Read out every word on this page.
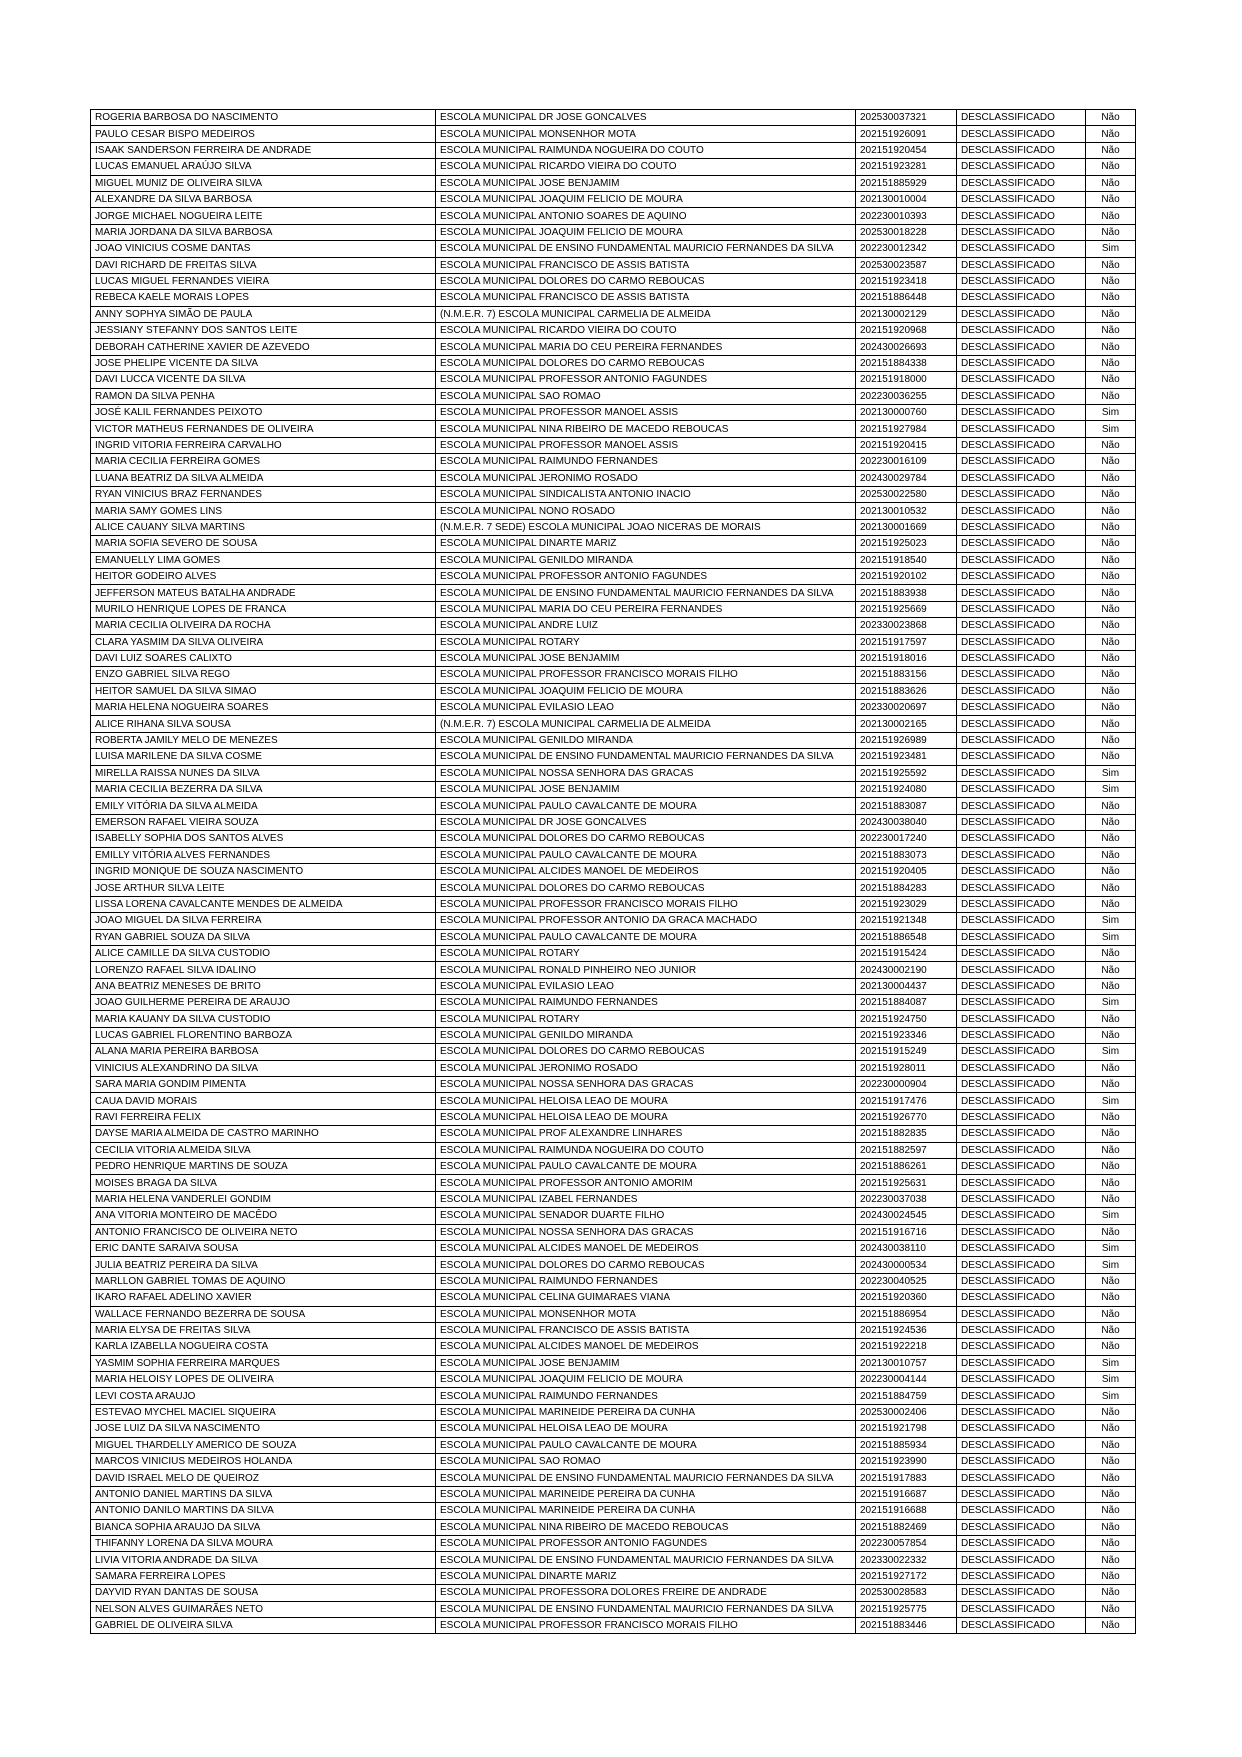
ROGERIA BARBOSA DO NASCIMENTO	ESCOLA MUNICIPAL DR JOSE GONCALVES	202530037321	DESCLASSIFICADO	Não
PAULO CESAR BISPO MEDEIROS	ESCOLA MUNICIPAL MONSENHOR MOTA	202151926091	DESCLASSIFICADO	Não
ISAAK SANDERSON FERREIRA DE ANDRADE	ESCOLA MUNICIPAL RAIMUNDA NOGUEIRA DO COUTO	202151920454	DESCLASSIFICADO	Não
LUCAS EMANUEL ARAÚJO SILVA	ESCOLA MUNICIPAL RICARDO VIEIRA DO COUTO	202151923281	DESCLASSIFICADO	Não
MIGUEL MUNIZ DE OLIVEIRA SILVA	ESCOLA MUNICIPAL JOSE BENJAMIM	202151885929	DESCLASSIFICADO	Não
ALEXANDRE DA SILVA BARBOSA	ESCOLA MUNICIPAL JOAQUIM FELICIO DE MOURA	202130010004	DESCLASSIFICADO	Não
JORGE MICHAEL NOGUEIRA LEITE	ESCOLA MUNICIPAL ANTONIO SOARES DE AQUINO	202230010393	DESCLASSIFICADO	Não
MARIA JORDANA DA SILVA BARBOSA	ESCOLA MUNICIPAL JOAQUIM FELICIO DE MOURA	202530018228	DESCLASSIFICADO	Não
JOAO VINICIUS COSME DANTAS	ESCOLA MUNICIPAL DE ENSINO FUNDAMENTAL MAURICIO FERNANDES DA SILVA	202230012342	DESCLASSIFICADO	Sim
DAVI RICHARD DE FREITAS SILVA	ESCOLA MUNICIPAL FRANCISCO DE ASSIS BATISTA	202530023587	DESCLASSIFICADO	Não
LUCAS MIGUEL FERNANDES VIEIRA	ESCOLA MUNICIPAL DOLORES DO CARMO REBOUCAS	202151923418	DESCLASSIFICADO	Não
REBECA KAELE MORAIS LOPES	ESCOLA MUNICIPAL FRANCISCO DE ASSIS BATISTA	202151886448	DESCLASSIFICADO	Não
ANNY SOPHYA SIMÃO DE PAULA	(N.M.E.R. 7) ESCOLA MUNICIPAL CARMELIA DE ALMEIDA	202130002129	DESCLASSIFICADO	Não
JESSIANY STEFANNY DOS SANTOS LEITE	ESCOLA MUNICIPAL RICARDO VIEIRA DO COUTO	202151920968	DESCLASSIFICADO	Não
DEBORAH CATHERINE XAVIER DE AZEVEDO	ESCOLA MUNICIPAL MARIA DO CEU PEREIRA FERNANDES	202430026693	DESCLASSIFICADO	Não
JOSE PHELIPE VICENTE DA SILVA	ESCOLA MUNICIPAL DOLORES DO CARMO REBOUCAS	202151884338	DESCLASSIFICADO	Não
DAVI LUCCA VICENTE DA SILVA	ESCOLA MUNICIPAL PROFESSOR ANTONIO FAGUNDES	202151918000	DESCLASSIFICADO	Não
RAMON DA SILVA PENHA	ESCOLA MUNICIPAL SAO ROMAO	202230036255	DESCLASSIFICADO	Não
JOSÉ KALIL FERNANDES PEIXOTO	ESCOLA MUNICIPAL PROFESSOR MANOEL ASSIS	202130000760	DESCLASSIFICADO	Sim
VICTOR MATHEUS FERNANDES DE OLIVEIRA	ESCOLA MUNICIPAL NINA RIBEIRO DE MACEDO REBOUCAS	202151927984	DESCLASSIFICADO	Sim
INGRID VITORIA FERREIRA CARVALHO	ESCOLA MUNICIPAL PROFESSOR MANOEL ASSIS	202151920415	DESCLASSIFICADO	Não
MARIA CECILIA FERREIRA GOMES	ESCOLA MUNICIPAL RAIMUNDO FERNANDES	202230016109	DESCLASSIFICADO	Não
LUANA BEATRIZ DA SILVA ALMEIDA	ESCOLA MUNICIPAL JERONIMO ROSADO	202430029784	DESCLASSIFICADO	Não
RYAN VINICIUS BRAZ FERNANDES	ESCOLA MUNICIPAL SINDICALISTA ANTONIO INACIO	202530022580	DESCLASSIFICADO	Não
MARIA SAMY GOMES LINS	ESCOLA MUNICIPAL NONO ROSADO	202130010532	DESCLASSIFICADO	Não
ALICE CAUANY SILVA MARTINS	(N.M.E.R. 7 SEDE) ESCOLA MUNICIPAL JOAO NICERAS DE MORAIS	202130001669	DESCLASSIFICADO	Não
MARIA SOFIA SEVERO DE SOUSA	ESCOLA MUNICIPAL DINARTE MARIZ	202151925023	DESCLASSIFICADO	Não
EMANUELLY LIMA GOMES	ESCOLA MUNICIPAL GENILDO MIRANDA	202151918540	DESCLASSIFICADO	Não
HEITOR GODEIRO ALVES	ESCOLA MUNICIPAL PROFESSOR ANTONIO FAGUNDES	202151920102	DESCLASSIFICADO	Não
JEFFERSON MATEUS BATALHA ANDRADE	ESCOLA MUNICIPAL DE ENSINO FUNDAMENTAL MAURICIO FERNANDES DA SILVA	202151883938	DESCLASSIFICADO	Não
MURILO HENRIQUE LOPES DE FRANCA	ESCOLA MUNICIPAL MARIA DO CEU PEREIRA FERNANDES	202151925669	DESCLASSIFICADO	Não
MARIA CECILIA OLIVEIRA DA ROCHA	ESCOLA MUNICIPAL ANDRE LUIZ	202330023868	DESCLASSIFICADO	Não
CLARA YASMIM DA SILVA OLIVEIRA	ESCOLA MUNICIPAL ROTARY	202151917597	DESCLASSIFICADO	Não
DAVI LUIZ SOARES CALIXTO	ESCOLA MUNICIPAL JOSE BENJAMIM	202151918016	DESCLASSIFICADO	Não
ENZO GABRIEL SILVA REGO	ESCOLA MUNICIPAL PROFESSOR FRANCISCO MORAIS FILHO	202151883156	DESCLASSIFICADO	Não
HEITOR SAMUEL DA SILVA SIMAO	ESCOLA MUNICIPAL JOAQUIM FELICIO DE MOURA	202151883626	DESCLASSIFICADO	Não
MARIA HELENA NOGUEIRA SOARES	ESCOLA MUNICIPAL EVILASIO LEAO	202330020697	DESCLASSIFICADO	Não
ALICE RIHANA SILVA SOUSA	(N.M.E.R. 7) ESCOLA MUNICIPAL CARMELIA DE ALMEIDA	202130002165	DESCLASSIFICADO	Não
ROBERTA JAMILY MELO DE MENEZES	ESCOLA MUNICIPAL GENILDO MIRANDA	202151926989	DESCLASSIFICADO	Não
LUISA MARILENE DA SILVA COSME	ESCOLA MUNICIPAL DE ENSINO FUNDAMENTAL MAURICIO FERNANDES DA SILVA	202151923481	DESCLASSIFICADO	Não
MIRELLA RAISSA NUNES DA SILVA	ESCOLA MUNICIPAL NOSSA SENHORA DAS GRACAS	202151925592	DESCLASSIFICADO	Sim
MARIA CECILIA BEZERRA DA SILVA	ESCOLA MUNICIPAL JOSE BENJAMIM	202151924080	DESCLASSIFICADO	Sim
EMILY VITÓRIA DA SILVA ALMEIDA	ESCOLA MUNICIPAL PAULO CAVALCANTE DE MOURA	202151883087	DESCLASSIFICADO	Não
EMERSON RAFAEL VIEIRA SOUZA	ESCOLA MUNICIPAL DR JOSE GONCALVES	202430038040	DESCLASSIFICADO	Não
ISABELLY SOPHIA DOS SANTOS ALVES	ESCOLA MUNICIPAL DOLORES DO CARMO REBOUCAS	202230017240	DESCLASSIFICADO	Não
EMILLY VITÓRIA ALVES FERNANDES	ESCOLA MUNICIPAL PAULO CAVALCANTE DE MOURA	202151883073	DESCLASSIFICADO	Não
INGRID MONIQUE DE SOUZA NASCIMENTO	ESCOLA MUNICIPAL ALCIDES MANOEL DE MEDEIROS	202151920405	DESCLASSIFICADO	Não
JOSE ARTHUR SILVA LEITE	ESCOLA MUNICIPAL DOLORES DO CARMO REBOUCAS	202151884283	DESCLASSIFICADO	Não
LISSA LORENA CAVALCANTE MENDES DE ALMEIDA	ESCOLA MUNICIPAL PROFESSOR FRANCISCO MORAIS FILHO	202151923029	DESCLASSIFICADO	Não
JOAO MIGUEL DA SILVA FERREIRA	ESCOLA MUNICIPAL PROFESSOR ANTONIO DA GRACA MACHADO	202151921348	DESCLASSIFICADO	Sim
RYAN GABRIEL SOUZA DA SILVA	ESCOLA MUNICIPAL PAULO CAVALCANTE DE MOURA	202151886548	DESCLASSIFICADO	Sim
ALICE CAMILLE DA SILVA CUSTODIO	ESCOLA MUNICIPAL ROTARY	202151915424	DESCLASSIFICADO	Não
LORENZO RAFAEL SILVA IDALINO	ESCOLA MUNICIPAL RONALD PINHEIRO NEO JUNIOR	202430002190	DESCLASSIFICADO	Não
ANA BEATRIZ MENESES DE BRITO	ESCOLA MUNICIPAL EVILASIO LEAO	202130004437	DESCLASSIFICADO	Não
JOAO GUILHERME PEREIRA DE ARAUJO	ESCOLA MUNICIPAL RAIMUNDO FERNANDES	202151884087	DESCLASSIFICADO	Sim
MARIA KAUANY DA SILVA CUSTODIO	ESCOLA MUNICIPAL ROTARY	202151924750	DESCLASSIFICADO	Não
LUCAS GABRIEL FLORENTINO BARBOZA	ESCOLA MUNICIPAL GENILDO MIRANDA	202151923346	DESCLASSIFICADO	Não
ALANA MARIA PEREIRA BARBOSA	ESCOLA MUNICIPAL DOLORES DO CARMO REBOUCAS	202151915249	DESCLASSIFICADO	Sim
VINICIUS ALEXANDRINO DA SILVA	ESCOLA MUNICIPAL JERONIMO ROSADO	202151928011	DESCLASSIFICADO	Não
SARA MARIA GONDIM PIMENTA	ESCOLA MUNICIPAL NOSSA SENHORA DAS GRACAS	202230000904	DESCLASSIFICADO	Não
CAUA DAVID MORAIS	ESCOLA MUNICIPAL HELOISA LEAO DE MOURA	202151917476	DESCLASSIFICADO	Sim
RAVI FERREIRA FELIX	ESCOLA MUNICIPAL HELOISA LEAO DE MOURA	202151926770	DESCLASSIFICADO	Não
DAYSE MARIA ALMEIDA DE CASTRO MARINHO	ESCOLA MUNICIPAL PROF ALEXANDRE LINHARES	202151882835	DESCLASSIFICADO	Não
CECILIA VITORIA ALMEIDA SILVA	ESCOLA MUNICIPAL RAIMUNDA NOGUEIRA DO COUTO	202151882597	DESCLASSIFICADO	Não
PEDRO HENRIQUE MARTINS DE SOUZA	ESCOLA MUNICIPAL PAULO CAVALCANTE DE MOURA	202151886261	DESCLASSIFICADO	Não
MOISES BRAGA DA SILVA	ESCOLA MUNICIPAL PROFESSOR ANTONIO AMORIM	202151925631	DESCLASSIFICADO	Não
MARIA HELENA VANDERLEI GONDIM	ESCOLA MUNICIPAL IZABEL FERNANDES	202230037038	DESCLASSIFICADO	Não
ANA VITORIA MONTEIRO DE MACÊDO	ESCOLA MUNICIPAL SENADOR DUARTE FILHO	202430024545	DESCLASSIFICADO	Sim
ANTONIO FRANCISCO DE OLIVEIRA NETO	ESCOLA MUNICIPAL NOSSA SENHORA DAS GRACAS	202151916716	DESCLASSIFICADO	Não
ERIC DANTE SARAIVA SOUSA	ESCOLA MUNICIPAL ALCIDES MANOEL DE MEDEIROS	202430038110	DESCLASSIFICADO	Sim
JULIA BEATRIZ PEREIRA DA SILVA	ESCOLA MUNICIPAL DOLORES DO CARMO REBOUCAS	202430000534	DESCLASSIFICADO	Sim
MARLLON GABRIEL TOMAS DE AQUINO	ESCOLA MUNICIPAL RAIMUNDO FERNANDES	202230040525	DESCLASSIFICADO	Não
IKARO RAFAEL ADELINO XAVIER	ESCOLA MUNICIPAL CELINA GUIMARAES VIANA	202151920360	DESCLASSIFICADO	Não
WALLACE FERNANDO BEZERRA DE SOUSA	ESCOLA MUNICIPAL MONSENHOR MOTA	202151886954	DESCLASSIFICADO	Não
MARIA ELYSA DE FREITAS SILVA	ESCOLA MUNICIPAL FRANCISCO DE ASSIS BATISTA	202151924536	DESCLASSIFICADO	Não
KARLA IZABELLA NOGUEIRA COSTA	ESCOLA MUNICIPAL ALCIDES MANOEL DE MEDEIROS	202151922218	DESCLASSIFICADO	Não
YASMIM SOPHIA FERREIRA MARQUES	ESCOLA MUNICIPAL JOSE BENJAMIM	202130010757	DESCLASSIFICADO	Sim
MARIA HELOISY LOPES DE OLIVEIRA	ESCOLA MUNICIPAL JOAQUIM FELICIO DE MOURA	202230004144	DESCLASSIFICADO	Sim
LEVI COSTA ARAUJO	ESCOLA MUNICIPAL RAIMUNDO FERNANDES	202151884759	DESCLASSIFICADO	Sim
ESTEVAO MYCHEL MACIEL SIQUEIRA	ESCOLA MUNICIPAL MARINEIDE PEREIRA DA CUNHA	202530002406	DESCLASSIFICADO	Não
JOSE LUIZ DA SILVA NASCIMENTO	ESCOLA MUNICIPAL HELOISA LEAO DE MOURA	202151921798	DESCLASSIFICADO	Não
MIGUEL THARDELLY AMERICO DE SOUZA	ESCOLA MUNICIPAL PAULO CAVALCANTE DE MOURA	202151885934	DESCLASSIFICADO	Não
MARCOS VINICIUS MEDEIROS HOLANDA	ESCOLA MUNICIPAL SAO ROMAO	202151923990	DESCLASSIFICADO	Não
DAVID ISRAEL MELO DE QUEIROZ	ESCOLA MUNICIPAL DE ENSINO FUNDAMENTAL MAURICIO FERNANDES DA SILVA	202151917883	DESCLASSIFICADO	Não
ANTONIO DANIEL MARTINS DA SILVA	ESCOLA MUNICIPAL MARINEIDE PEREIRA DA CUNHA	202151916687	DESCLASSIFICADO	Não
ANTONIO DANILO MARTINS DA SILVA	ESCOLA MUNICIPAL MARINEIDE PEREIRA DA CUNHA	202151916688	DESCLASSIFICADO	Não
BIANCA SOPHIA ARAUJO DA SILVA	ESCOLA MUNICIPAL NINA RIBEIRO DE MACEDO REBOUCAS	202151882469	DESCLASSIFICADO	Não
THIFANNY LORENA DA SILVA MOURA	ESCOLA MUNICIPAL PROFESSOR ANTONIO FAGUNDES	202230057854	DESCLASSIFICADO	Não
LIVIA VITORIA ANDRADE DA SILVA	ESCOLA MUNICIPAL DE ENSINO FUNDAMENTAL MAURICIO FERNANDES DA SILVA	202330022332	DESCLASSIFICADO	Não
SAMARA FERREIRA LOPES	ESCOLA MUNICIPAL DINARTE MARIZ	202151927172	DESCLASSIFICADO	Não
DAYVID RYAN DANTAS DE SOUSA	ESCOLA MUNICIPAL PROFESSORA DOLORES FREIRE DE ANDRADE	202530028583	DESCLASSIFICADO	Não
NELSON ALVES GUIMARÃES NETO	ESCOLA MUNICIPAL DE ENSINO FUNDAMENTAL MAURICIO FERNANDES DA SILVA	202151925775	DESCLASSIFICADO	Não
GABRIEL DE OLIVEIRA SILVA	ESCOLA MUNICIPAL PROFESSOR FRANCISCO MORAIS FILHO	202151883446	DESCLASSIFICADO	Não
